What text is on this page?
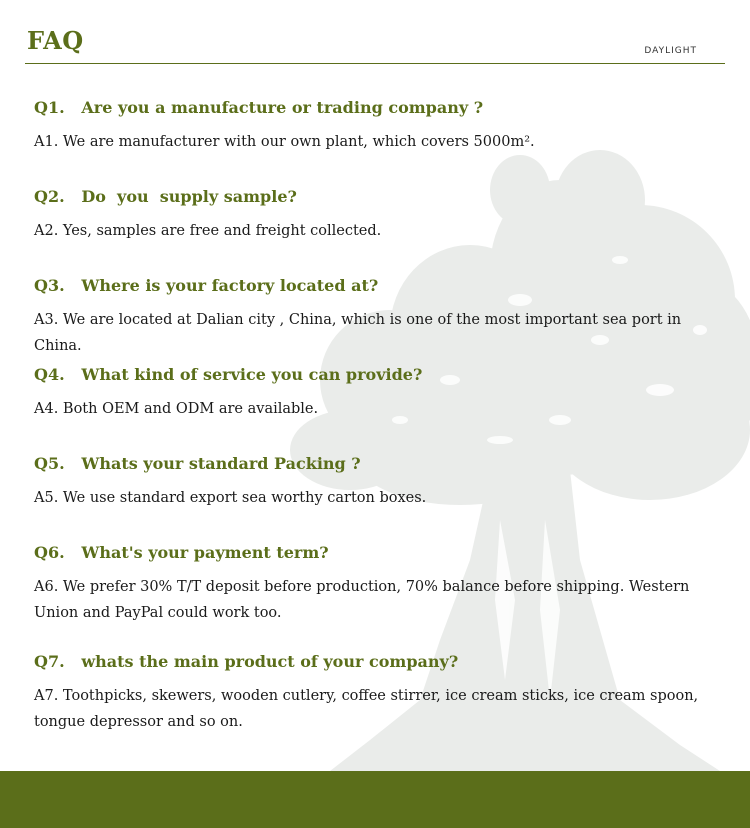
FAQ	DAYLIGHT

Q1.   Are you a manufacture or trading company ?

A1. We are manufacturer with our own plant, which covers 5000m².

Q2.   Do  you  supply sample?

A2. Yes, samples are free and freight collected.

Q3.   Where is your factory located at?

A3. We are located at Dalian city , China, which is one of the most important sea port in China.

Q4.   What kind of service you can provide?

A4. Both OEM and ODM are available.

Q5.   Whats your standard Packing ?

A5. We use standard export sea worthy carton boxes.

Q6.   What's your payment term?

A6. We prefer 30% T/T deposit before production, 70% balance before shipping. Western Union and PayPal could work too.

Q7.   whats the main product of your company?

A7. Toothpicks, skewers, wooden cutlery, coffee stirrer, ice cream sticks, ice cream spoon, tongue depressor and so on.
